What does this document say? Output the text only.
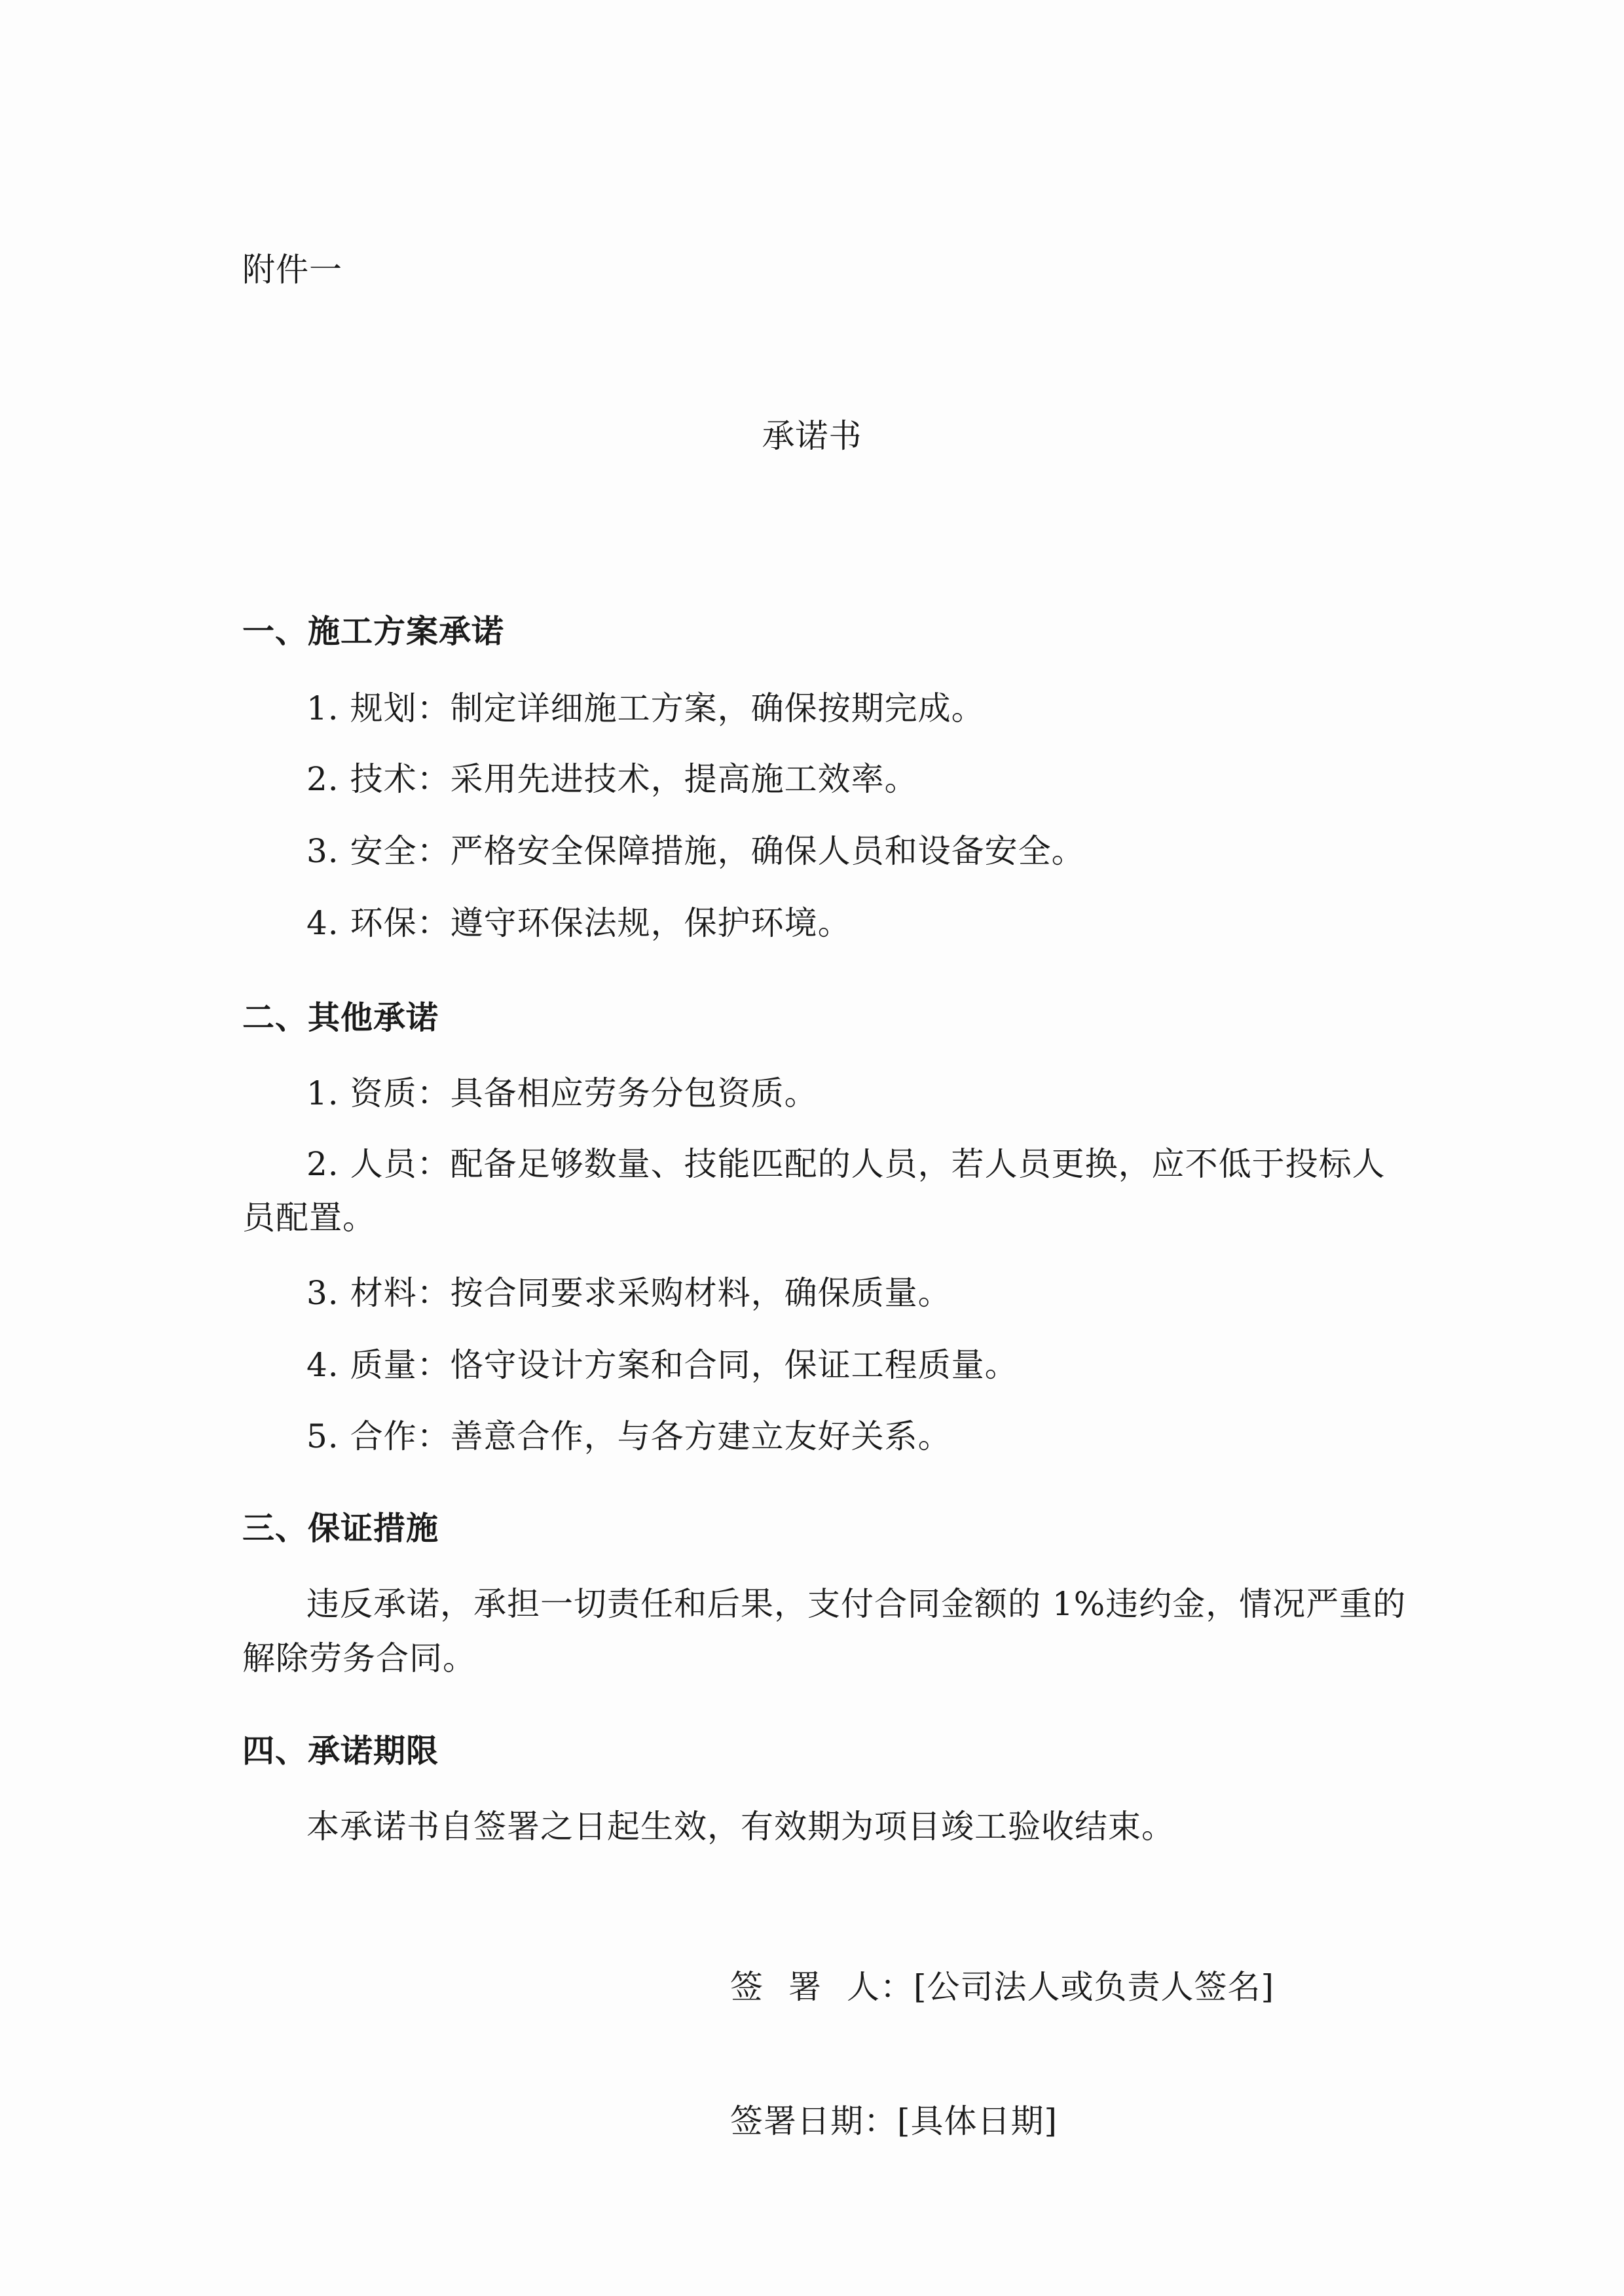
附件一
承诺书
一、施工方案承诺
1. 规划：制定详细施工方案，确保按期完成。
2. 技术：采用先进技术，提高施工效率。
3. 安全：严格安全保障措施，确保人员和设备安全。
4. 环保：遵守环保法规，保护环境。
二、其他承诺
1. 资质：具备相应劳务分包资质。
2. 人员：配备足够数量、技能匹配的人员，若人员更换，应不低于投标人
员配置。
3. 材料：按合同要求采购材料，确保质量。
4. 质量：恪守设计方案和合同，保证工程质量。
5. 合作：善意合作，与各方建立友好关系。
三、保证措施
违反承诺，承担一切责任和后果，支付合同金额的 1%违约金，情况严重的
解除劳务合同。
四、承诺期限
本承诺书自签署之日起生效，有效期为项目竣工验收结束。
签 署 人：[公司法人或负责人签名]
签署日期：[具体日期]
